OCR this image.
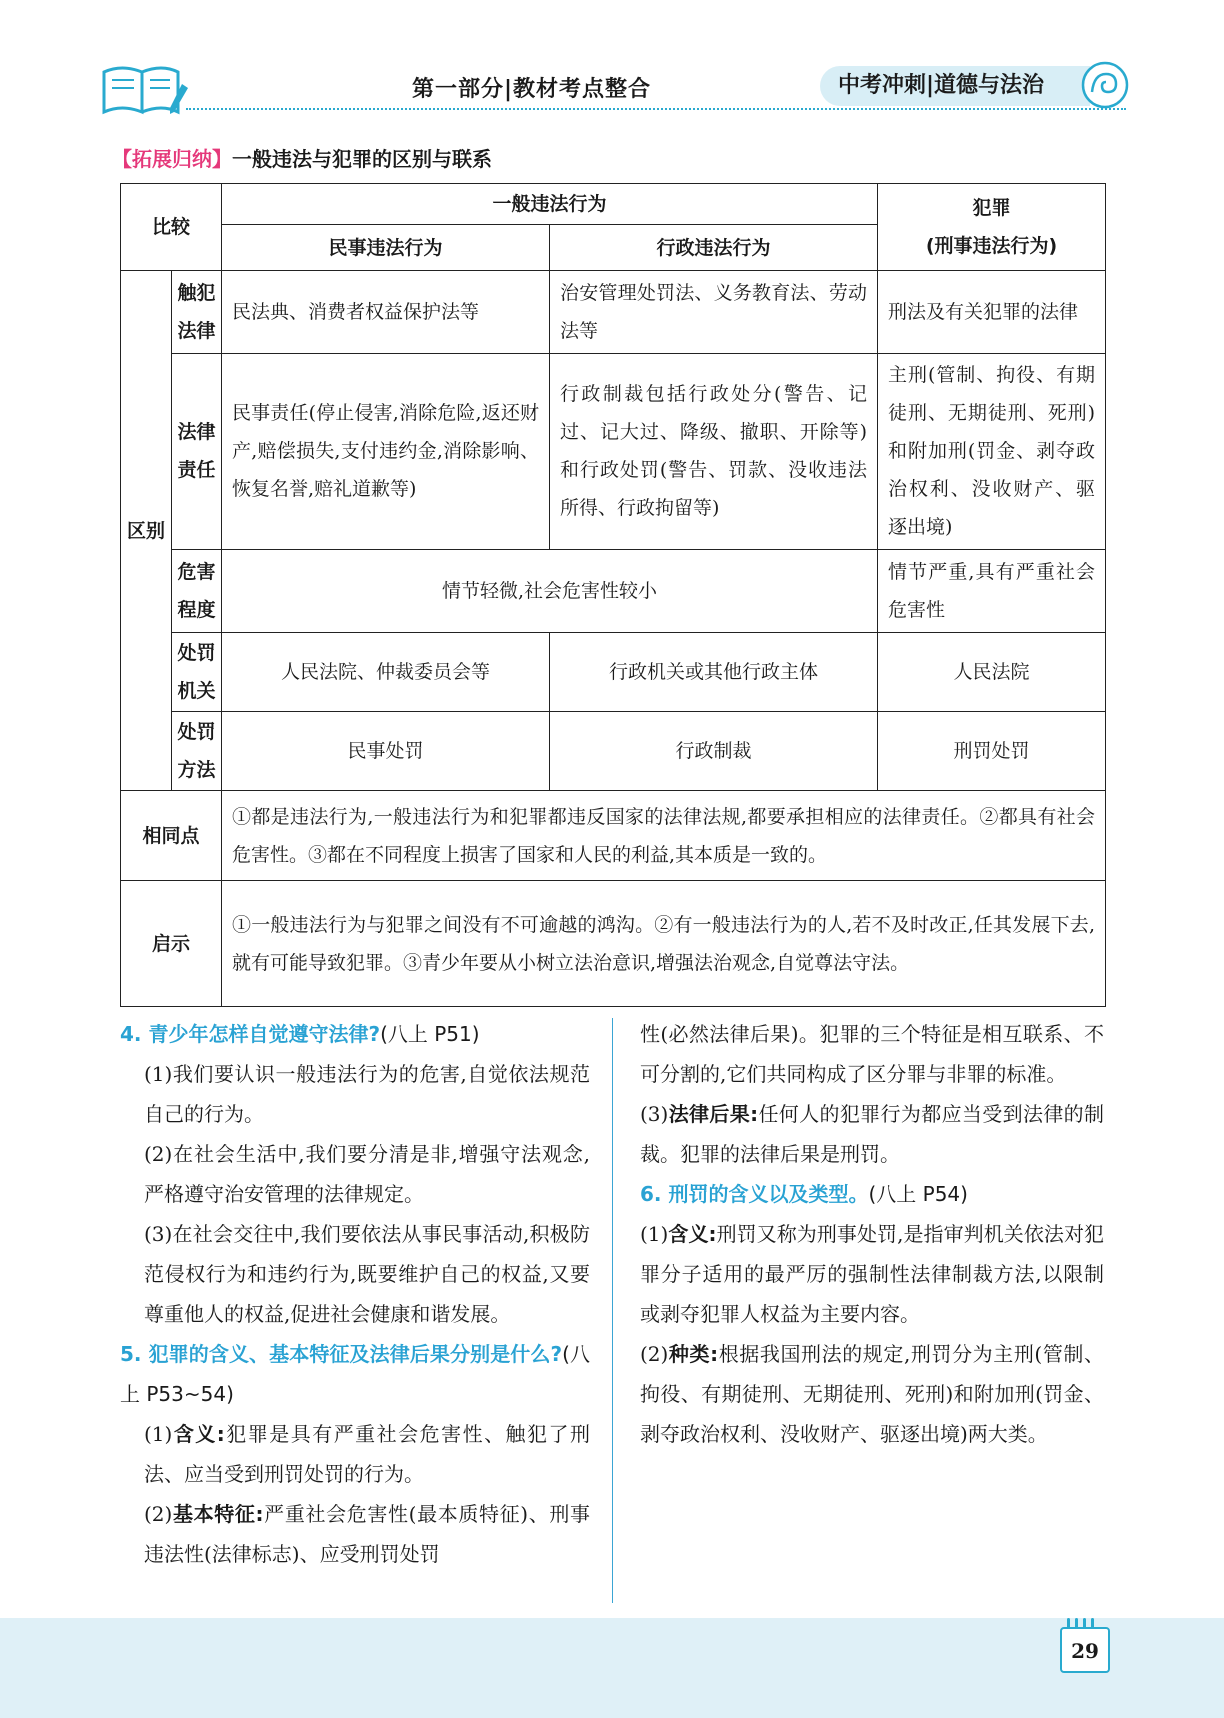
第一部分|教材考点整合	中考冲刺|道德与法治
【拓展归纳】一般违法与犯罪的区别与联系
比较		一般违法行为		犯罪
(刑事违法行为)

		民事违法行为	行政违法行为	
区别	触犯法律	民法典、消费者权益保护法等	治安管理处罚法、义务教育法、劳动法等	刑法及有关犯罪的法律
	法律责任	民事责任(停止侵害,消除危险,返还财产,赔偿损失,支付违约金,消除影响、恢复名誉,赔礼道歉等)	行政制裁包括行政处分(警告、记过、记大过、降级、撤职、开除等)和行政处罚(警告、罚款、没收违法所得、行政拘留等)	主刑(管制、拘役、有期徒刑、无期徒刑、死刑)和附加刑(罚金、剥夺政治权利、没收财产、驱逐出境)
	危害程度	情节轻微,社会危害性较小		情节严重,具有严重社会危害性
	处罚机关	人民法院、仲裁委员会等	行政机关或其他行政主体	人民法院
	处罚方法	民事处罚	行政制裁	刑罚处罚
相同点		①都是违法行为,一般违法行为和犯罪都违反国家的法律法规,都要承担相应的法律责任。②都具有社会危害性。③都在不同程度上损害了国家和人民的利益,其本质是一致的。		
启示		①一般违法行为与犯罪之间没有不可逾越的鸿沟。②有一般违法行为的人,若不及时改正,任其发展下去,就有可能导致犯罪。③青少年要从小树立法治意识,增强法治观念,自觉尊法守法。		

4. 青少年怎样自觉遵守法律?(八上 P51)

(1)我们要认识一般违法行为的危害,自觉依法规范自己的行为。

(2)在社会生活中,我们要分清是非,增强守法观念,严格遵守治安管理的法律规定。

(3)在社会交往中,我们要依法从事民事活动,积极防范侵权行为和违约行为,既要维护自己的权益,又要尊重他人的权益,促进社会健康和谐发展。

5. 犯罪的含义、基本特征及法律后果分别是什么?(八上 P53~54)

(1)含义:犯罪是具有严重社会危害性、触犯了刑法、应当受到刑罚处罚的行为。

(2)基本特征:严重社会危害性(最本质特征)、刑事违法性(法律标志)、应受刑罚处罚

性(必然法律后果)。犯罪的三个特征是相互联系、不可分割的,它们共同构成了区分罪与非罪的标准。

(3)法律后果:任何人的犯罪行为都应当受到法律的制裁。犯罪的法律后果是刑罚。

6. 刑罚的含义以及类型。(八上 P54)

(1)含义:刑罚又称为刑事处罚,是指审判机关依法对犯罪分子适用的最严厉的强制性法律制裁方法,以限制或剥夺犯罪人权益为主要内容。

(2)种类:根据我国刑法的规定,刑罚分为主刑(管制、拘役、有期徒刑、无期徒刑、死刑)和附加刑(罚金、剥夺政治权利、没收财产、驱逐出境)两大类。

29
